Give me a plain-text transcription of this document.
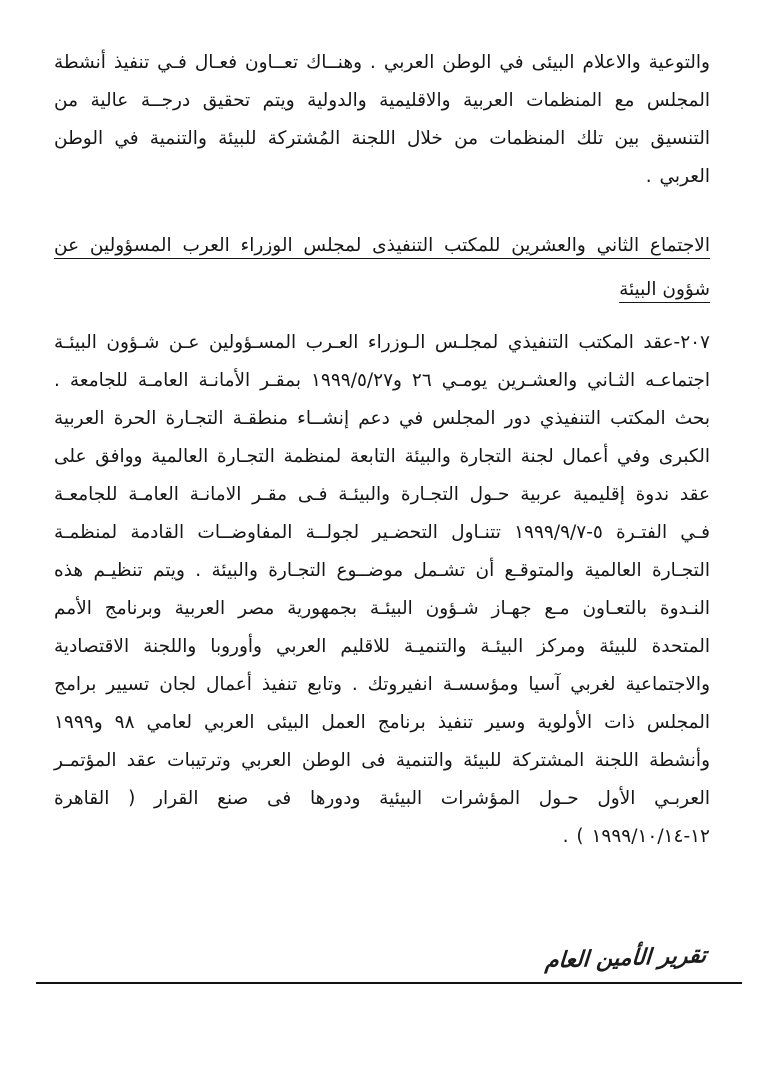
والتوعية والاعلام البيئى في الوطن العربي . وهنــاك تعــاون فعـال فـي تنفيذ أنشطة المجلس مع المنظمات العربية والاقليمية والدولية ويتم تحقيق درجــة عالية من التنسيق بين تلك المنظمات من خلال اللجنة المُشتركة للبيئة والتنمية في الوطن العربي .

الاجتماع الثاني والعشرين للمكتب التنفيذى لمجلس الوزراء العرب المسؤولين عن شؤون البيئة

٢٠٧-عقد المكتب التنفيذي لمجلـس الـوزراء العـرب المسـؤولين عـن شـؤون البيئـة اجتماعـه الثـاني والعشـرين يومـي ٢٦ و١٩٩٩/٥/٢٧ بمقـر الأمانـة العامـة للجامعة . بحث المكتب التنفيذي دور المجلس في دعم إنشــاء منطقـة التجـارة الحرة العربية الكبرى وفي أعمال لجنة التجارة والبيئة التابعة لمنظمة التجـارة العالمية ووافق على عقد ندوة إقليمية عربية حـول التجـارة والبيئـة فـى مقـر الامانـة العامـة للجامعـة فـي الفتـرة ٥-١٩٩٩/٩/٧ تتنـاول التحضـير لجولــة المفاوضــات القادمة لمنظمـة التجـارة العالمية والمتوقـع أن تشـمل موضــوع التجـارة والبيئة . ويتم تنظيـم هذه النـدوة بالتعـاون مـع جهـاز شـؤون البيئـة بجمهورية مصر العربية وبرنامج الأمم المتحدة للبيئة ومركز البيئـة والتنميـة للاقليم العربي وأوروبا واللجنة الاقتصادية والاجتماعية لغربي آسيا ومؤسسـة انفيروتك . وتابع تنفيذ أعمال لجان تسيير برامج المجلس ذات الأولوية وسير تنفيذ برنامج العمل البيئى العربي لعامي ٩٨ و١٩٩٩ وأنشطة اللجنة المشتركة للبيئة والتنمية فى الوطن العربي وترتيبات عقد المؤتمـر العربـي الأول حـول المؤشرات البيئية ودورها فى صنع القرار ( القاهرة ١٢-١٩٩٩/١٠/١٤ ) .

تقرير الأمين العام
